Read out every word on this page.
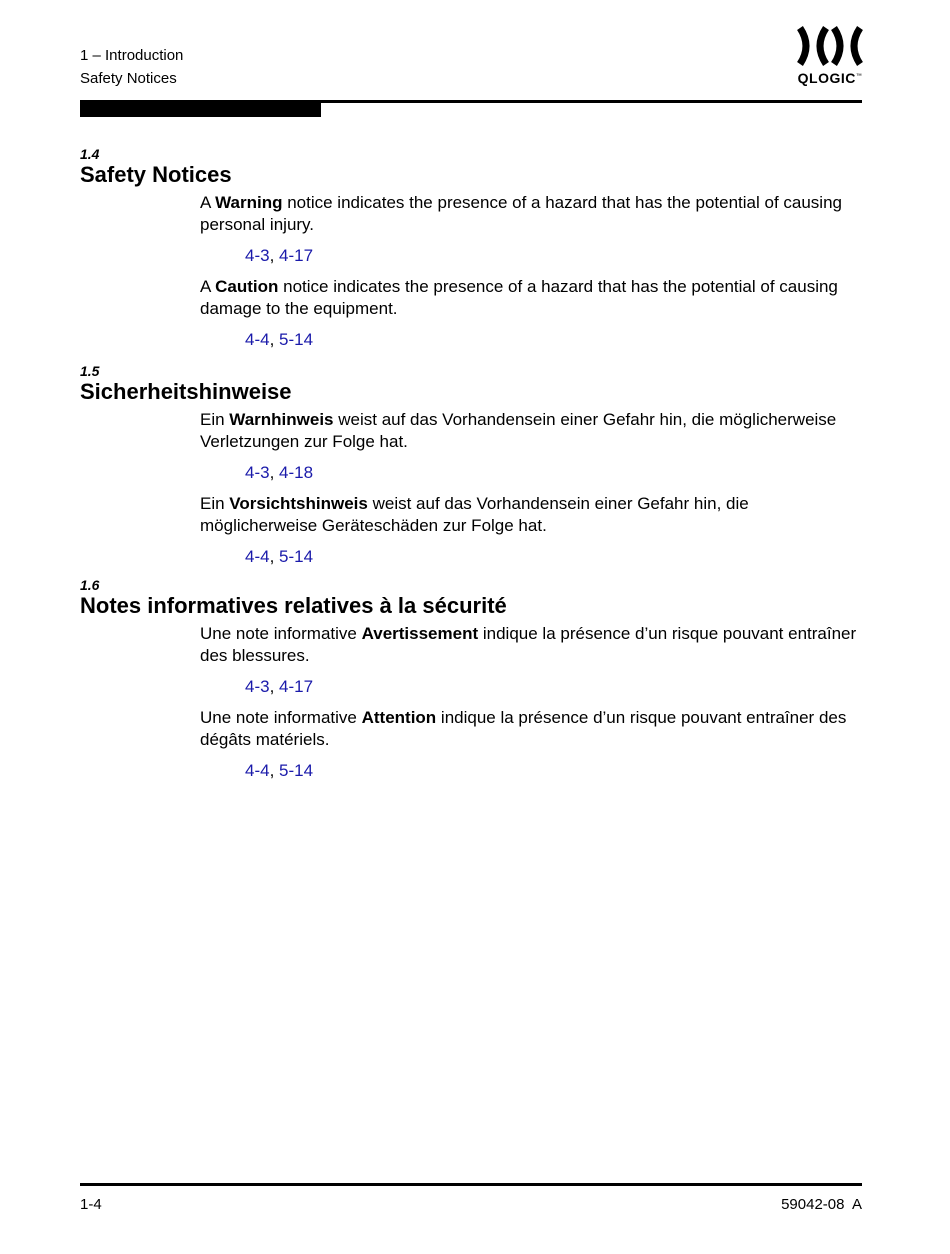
1 – Introduction
Safety Notices	QLOGIC™
1.4
Safety Notices
A Warning notice indicates the presence of a hazard that has the potential of causing personal injury.
4-3, 4-17
A Caution notice indicates the presence of a hazard that has the potential of causing damage to the equipment.
4-4, 5-14
1.5
Sicherheitshinweise
Ein Warnhinweis weist auf das Vorhandensein einer Gefahr hin, die möglicherweise Verletzungen zur Folge hat.
4-3, 4-18
Ein Vorsichtshinweis weist auf das Vorhandensein einer Gefahr hin, die möglicherweise Geräteschäden zur Folge hat.
4-4, 5-14
1.6
Notes informatives relatives à la sécurité
Une note informative Avertissement indique la présence d’un risque pouvant entraîner des blessures.
4-3, 4-17
Une note informative Attention indique la présence d’un risque pouvant entraîner des dégâts matériels.
4-4, 5-14
1-4	59042-08  A
